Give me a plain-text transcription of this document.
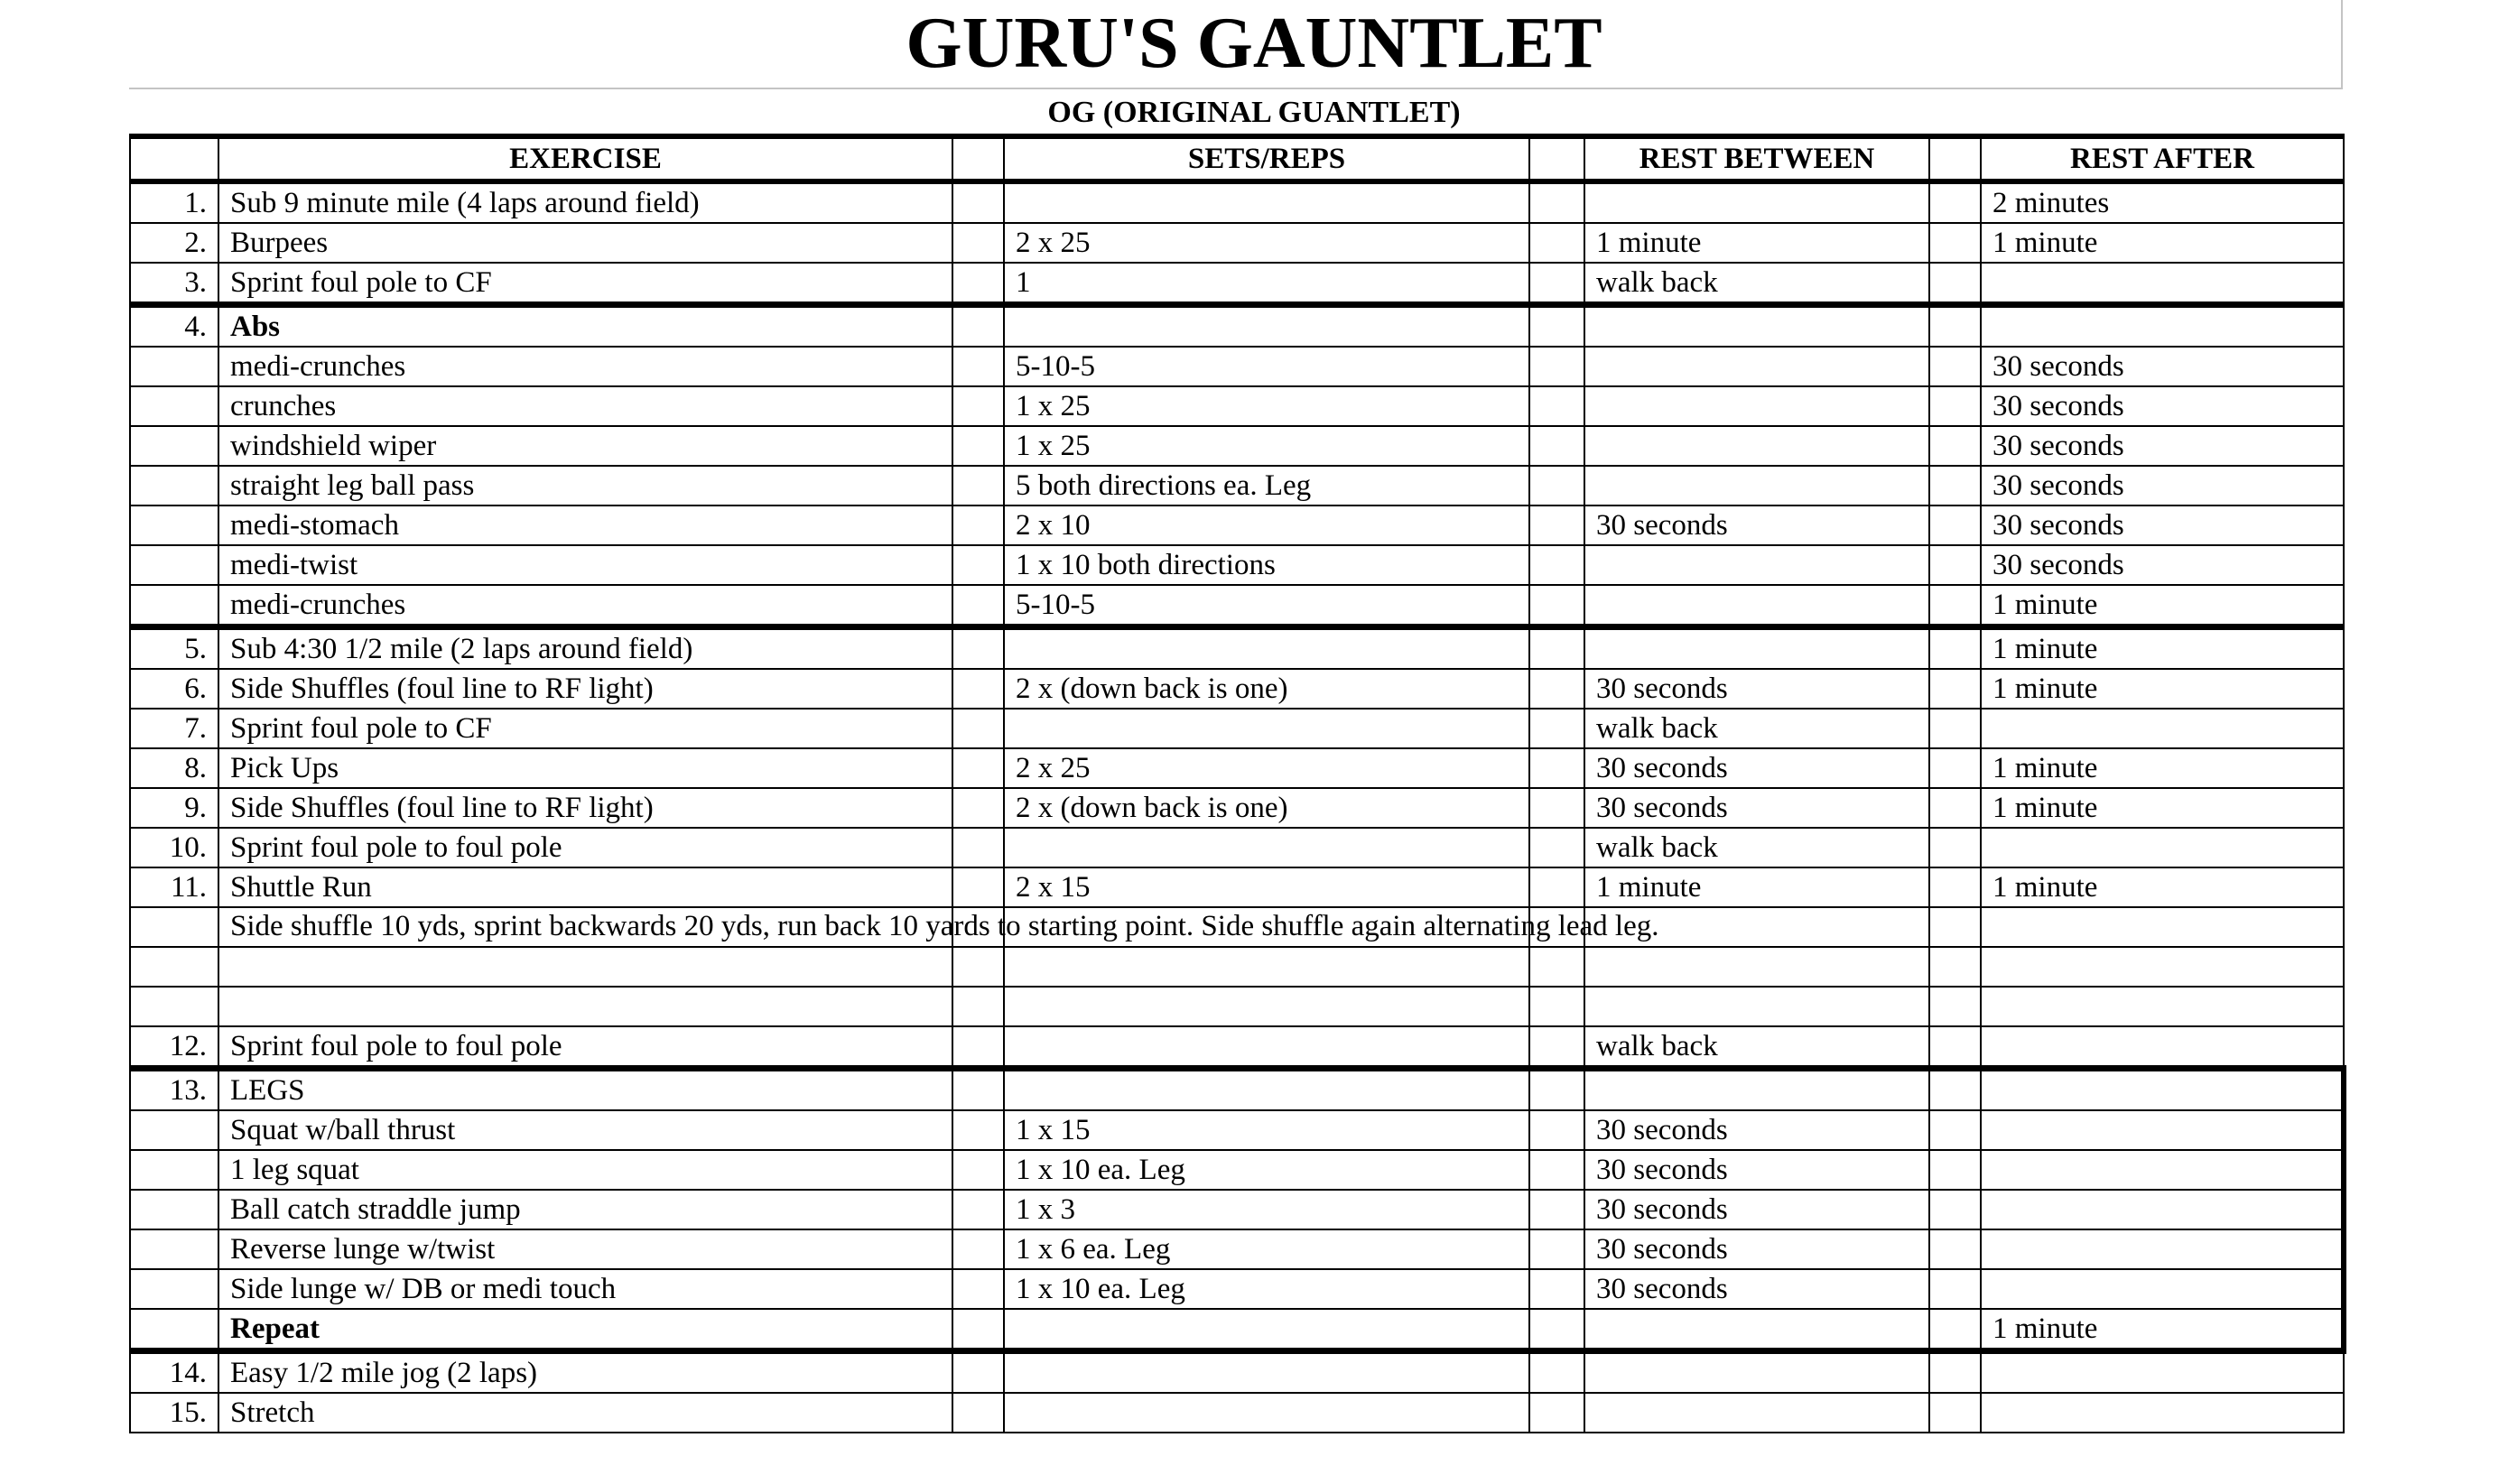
GURU'S GAUNTLET
OG (ORIGINAL GUANTLET)
	EXERCISE		SETS/REPS		REST BETWEEN		REST AFTER
1.	Sub 9 minute mile (4 laps around field)						2 minutes
2.	Burpees		2 x 25		1 minute		1 minute
3.	Sprint foul pole to CF		1		walk back		
4.	Abs						
	medi-crunches		5-10-5				30 seconds
	crunches		1 x 25				30 seconds
	windshield wiper		1 x 25				30 seconds
	straight leg ball pass		5 both directions ea. Leg				30 seconds
	medi-stomach		2 x 10		30 seconds		30 seconds
	medi-twist		1 x 10 both directions				30 seconds
	medi-crunches		5-10-5				1 minute
5.	Sub 4:30 1/2 mile (2 laps around field)						1 minute
6.	Side Shuffles (foul line to RF light)		2 x (down back is one)		30 seconds		1 minute
7.	Sprint foul pole to CF				walk back		
8.	Pick Ups		2 x 25		30 seconds		1 minute
9.	Side Shuffles (foul line to RF light)		2 x (down back is one)		30 seconds		1 minute
10.	Sprint foul pole to foul pole				walk back		
11.	Shuttle Run		2 x 15		1 minute		1 minute

	Side shuffle 10 yds, sprint backwards 20 yds, run back 10 yards to starting point. Side shuffle again alternating lead leg.						

12.	Sprint foul pole to foul pole				walk back		
13.	LEGS						
	Squat w/ball thrust		1 x 15		30 seconds		
	1 leg squat		1 x 10 ea. Leg		30 seconds		
	Ball catch straddle jump		1 x 3		30 seconds		
	Reverse lunge w/twist		1 x 6 ea. Leg		30 seconds		
	Side lunge w/ DB or medi touch		1 x 10 ea. Leg		30 seconds		
	Repeat						1 minute
14.	Easy 1/2 mile jog (2 laps)						
15.	Stretch						
